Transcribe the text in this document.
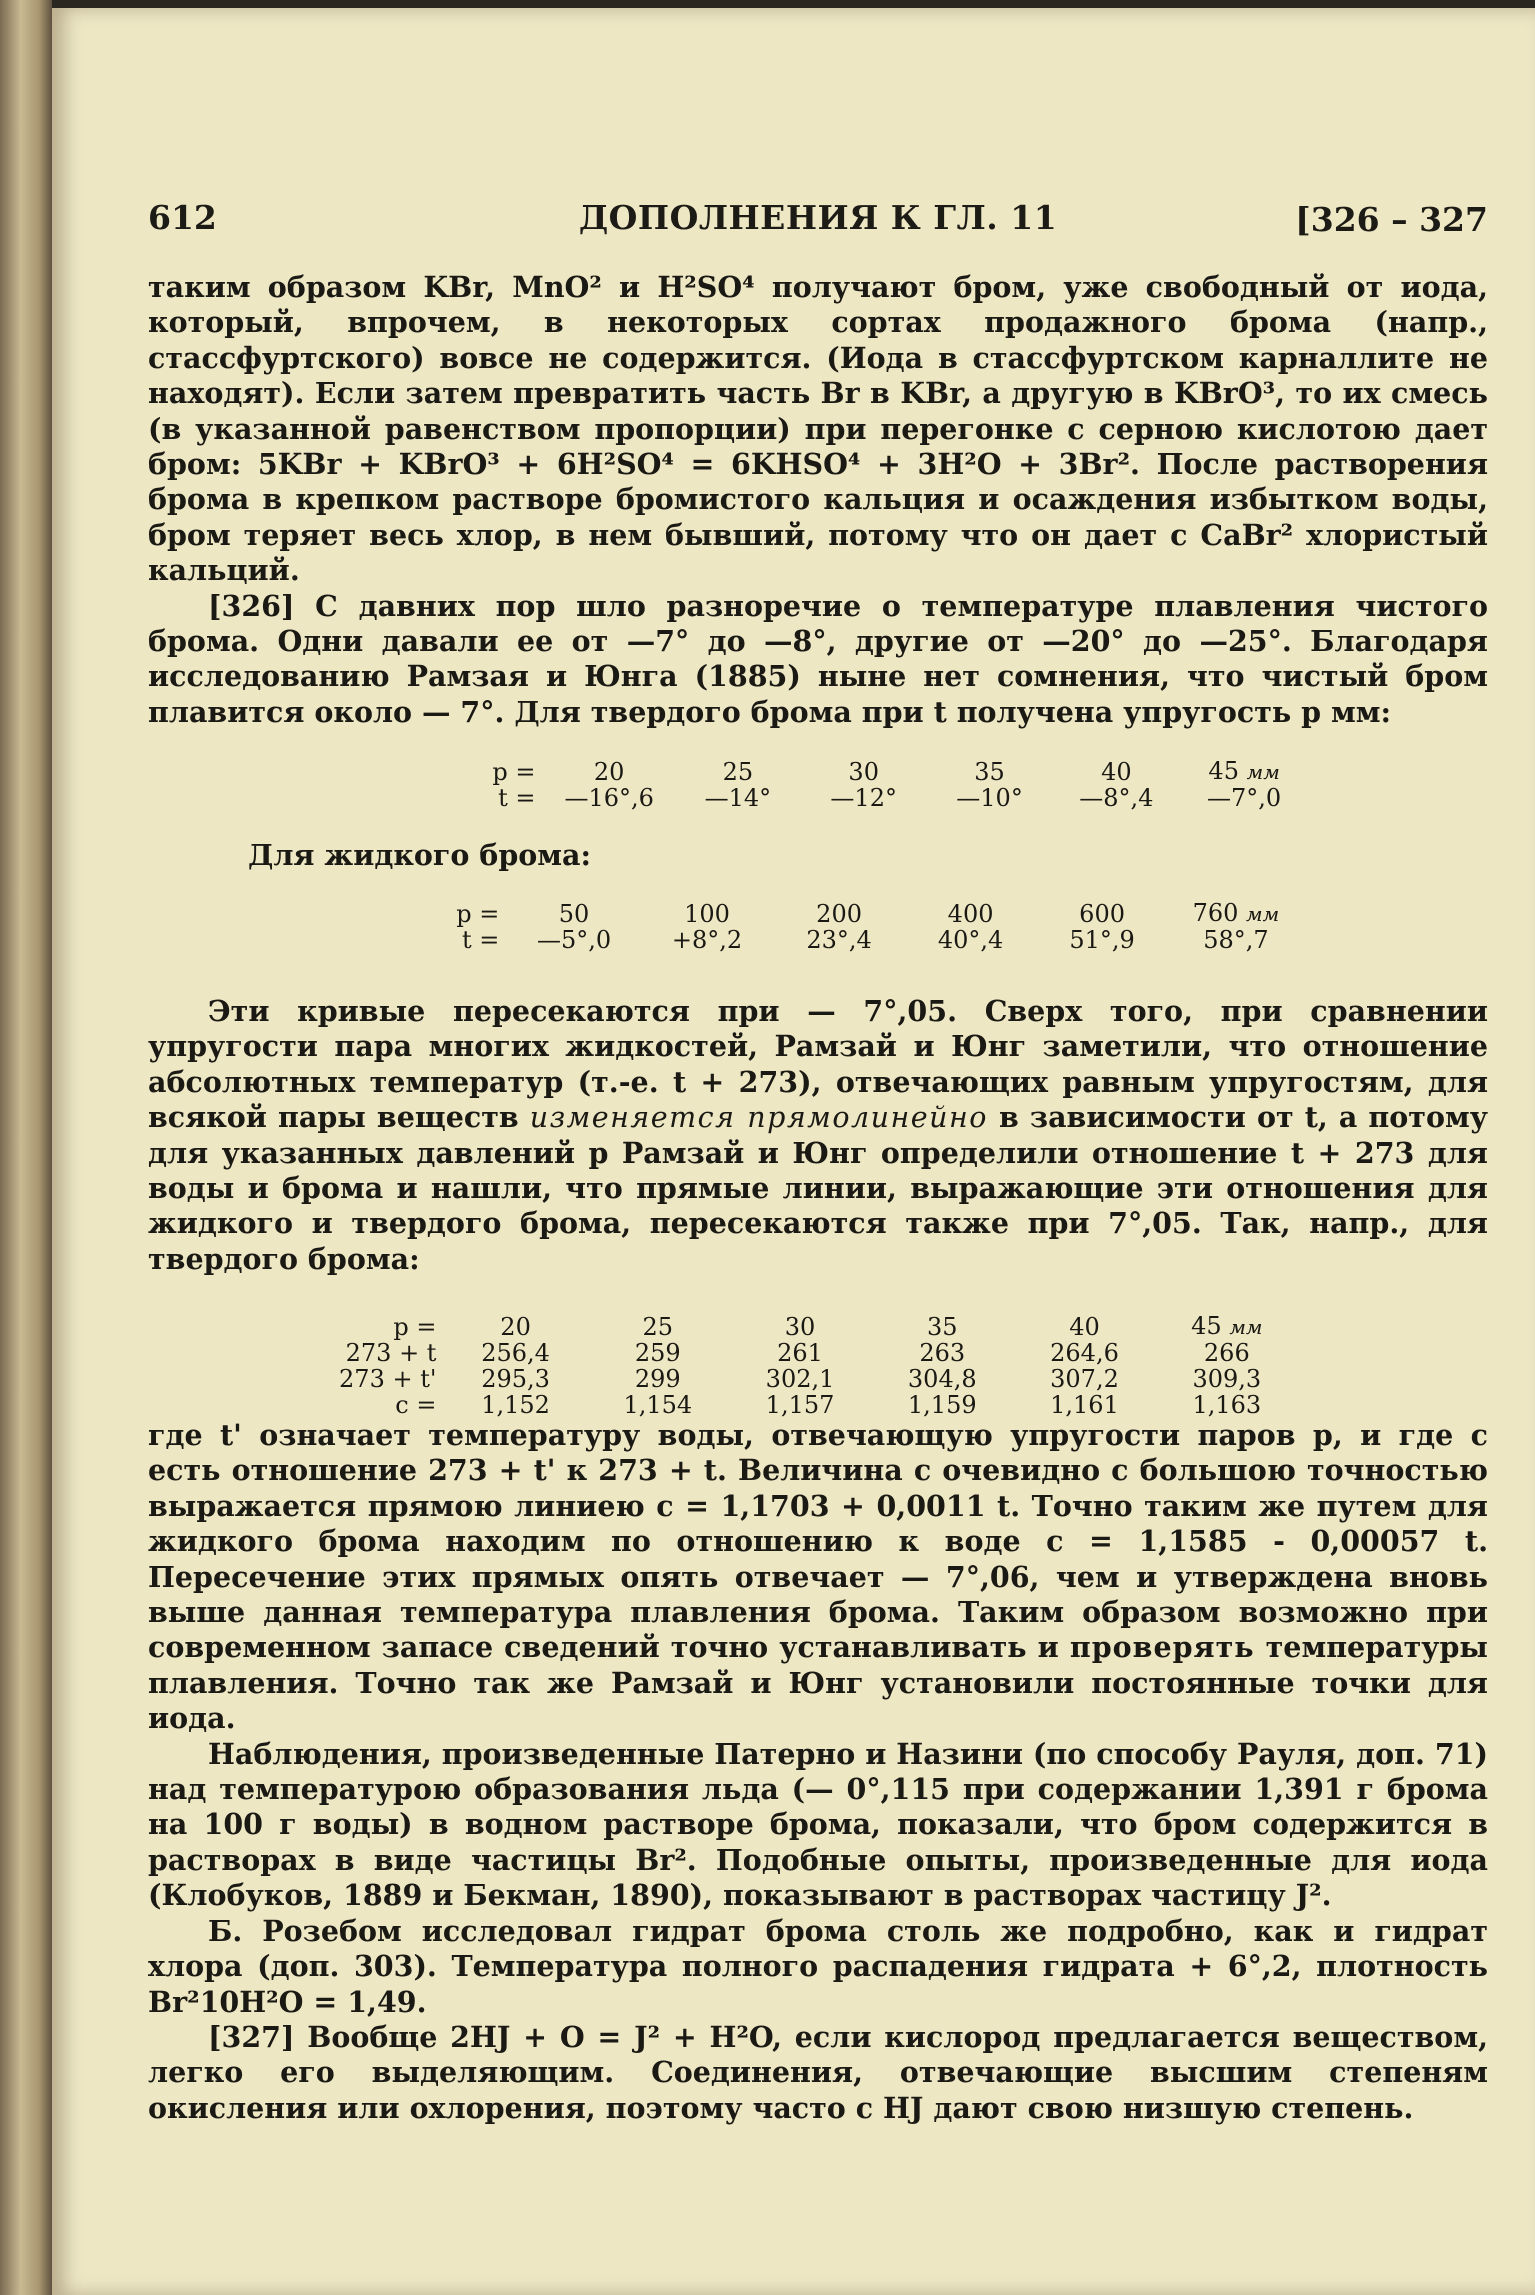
612	ДОПОЛНЕНИЯ К ГЛ. 11	[326 – 327

таким образом KBr, MnO² и H²SO⁴ получают бром, уже свободный от иода, который, впрочем, в некоторых сортах продажного брома (напр., стассфуртского) вовсе не содержится. (Иода в стассфуртском карналлите не находят). Если затем превратить часть Br в KBr, а другую в KBrO³, то их смесь (в указанной равенством пропорции) при перегонке с серною кислотою дает бром: 5KBr + KBrO³ + 6H²SO⁴ = 6KHSO⁴ + 3H²O + 3Br². После растворения брома в крепком растворе бромистого кальция и осаждения избытком воды, бром теряет весь хлор, в нем бывший, потому что он дает с CaBr² хлористый кальций.

[326] С давних пор шло разноречие о температуре плавления чистого брома. Одни давали ее от —7° до —8°, другие от —20° до —25°. Благодаря исследованию Рамзая и Юнга (1885) ныне нет сомнения, что чистый бром плавится около — 7°. Для твердого брома при t получена упругость p мм:

p =	20	25	30	35	40	45 мм
t =	—16°,6	—14°	—12°	—10°	—8°,4	—7°,0

Для жидкого брома:

p =	50	100	200	400	600	760 мм
t =	—5°,0	+8°,2	23°,4	40°,4	51°,9	58°,7

Эти кривые пересекаются при — 7°,05. Сверх того, при сравнении упругости пара многих жидкостей, Рамзай и Юнг заметили, что отношение абсолютных температур (т.-е. t + 273), отвечающих равным упругостям, для всякой пары веществ изменяется прямолинейно в зависимости от t, а потому для указанных давлений p Рамзай и Юнг определили отношение t + 273 для воды и брома и нашли, что прямые линии, выражающие эти отношения для жидкого и твердого брома, пересекаются также при 7°,05. Так, напр., для твердого брома:

p =	20	25	30	35	40	45 мм
273 + t	256,4	259	261	263	264,6	266
273 + t'	295,3	299	302,1	304,8	307,2	309,3
c =	1,152	1,154	1,157	1,159	1,161	1,163

где t' означает температуру воды, отвечающую упругости паров p, и где c есть отношение 273 + t' к 273 + t. Величина c очевидно с большою точностью выражается прямою линиею c = 1,1703 + 0,0011 t. Точно таким же путем для жидкого брома находим по отношению к воде c = 1,1585 - 0,00057 t. Пересечение этих прямых опять отвечает — 7°,06, чем и утверждена вновь выше данная температура плавления брома. Таким образом возможно при современном запасе сведений точно устанавливать и проверять температуры плавления. Точно так же Рамзай и Юнг установили постоянные точки для иода.

Наблюдения, произведенные Патерно и Назини (по способу Рауля, доп. 71) над температурою образования льда (— 0°,115 при содержании 1,391 г брома на 100 г воды) в водном растворе брома, показали, что бром содержится в растворах в виде частицы Br². Подобные опыты, произведенные для иода (Клобуков, 1889 и Бекман, 1890), показывают в растворах частицу J².

Б. Розебом исследовал гидрат брома столь же подробно, как и гидрат хлора (доп. 303). Температура полного распадения гидрата + 6°,2, плотность Br²10H²O = 1,49.

[327] Вообще 2HJ + O = J² + H²O, если кислород предлагается веществом, легко его выделяющим. Соединения, отвечающие высшим степеням окисления или охлорения, поэтому часто с HJ дают свою низшую степень.
